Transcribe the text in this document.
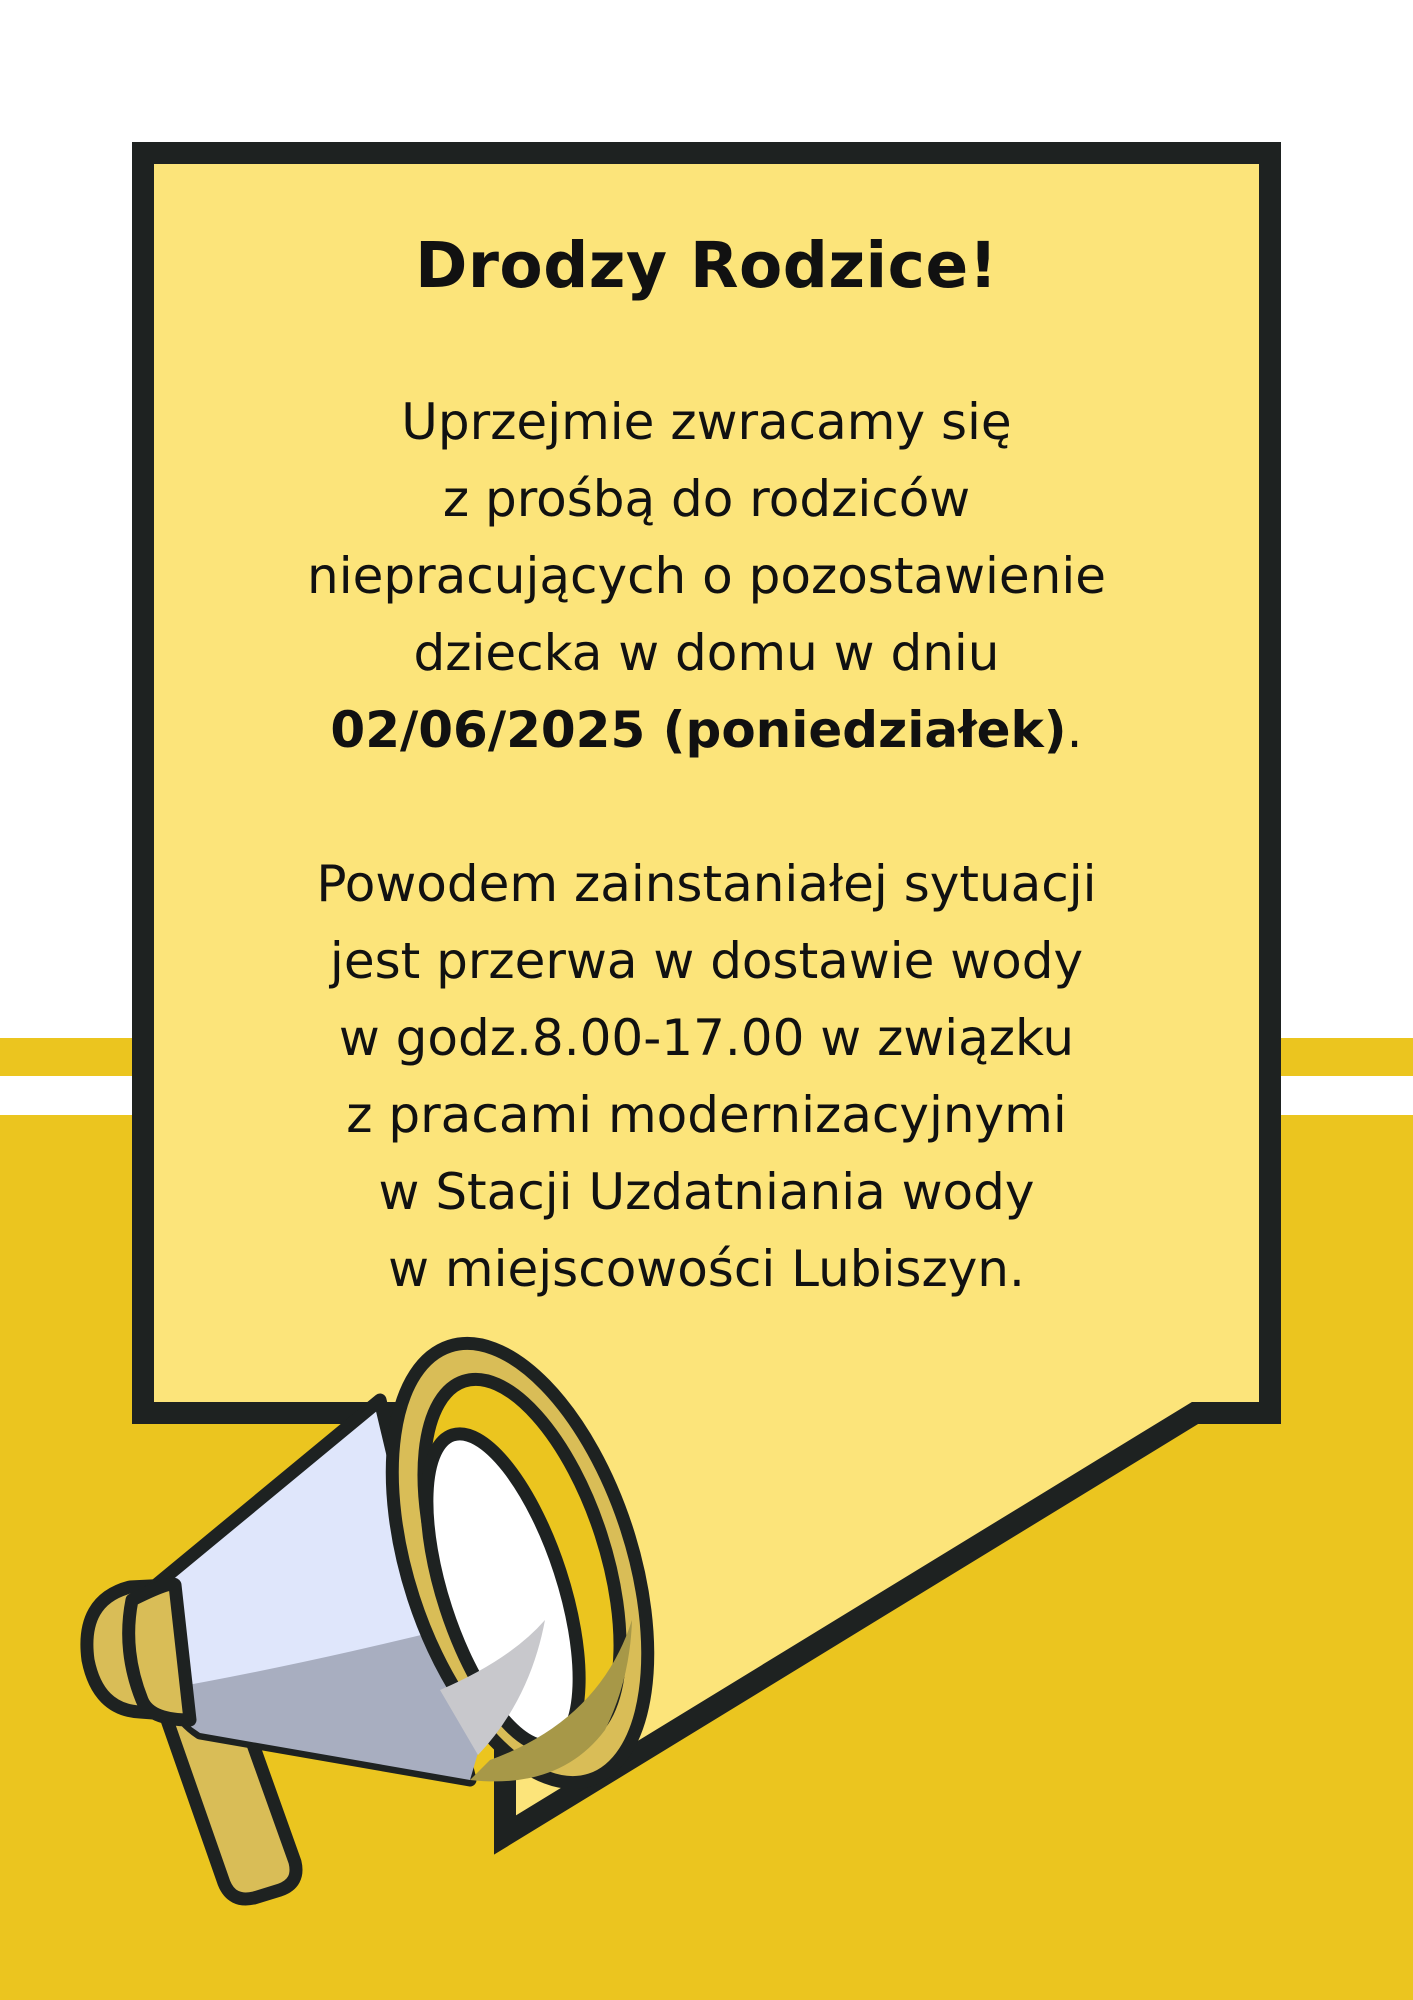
Drodzy Rodzice!

Uprzejmie zwracamy się
z prośbą do rodziców
niepracujących o pozostawienie
dziecka w domu w dniu
02/06/2025 (poniedziałek).

Powodem zainstaniałej sytuacji
jest przerwa w dostawie wody
w godz.8.00-17.00 w związku
z pracami modernizacyjnymi
w Stacji Uzdatniania wody
w miejscowości Lubiszyn.
